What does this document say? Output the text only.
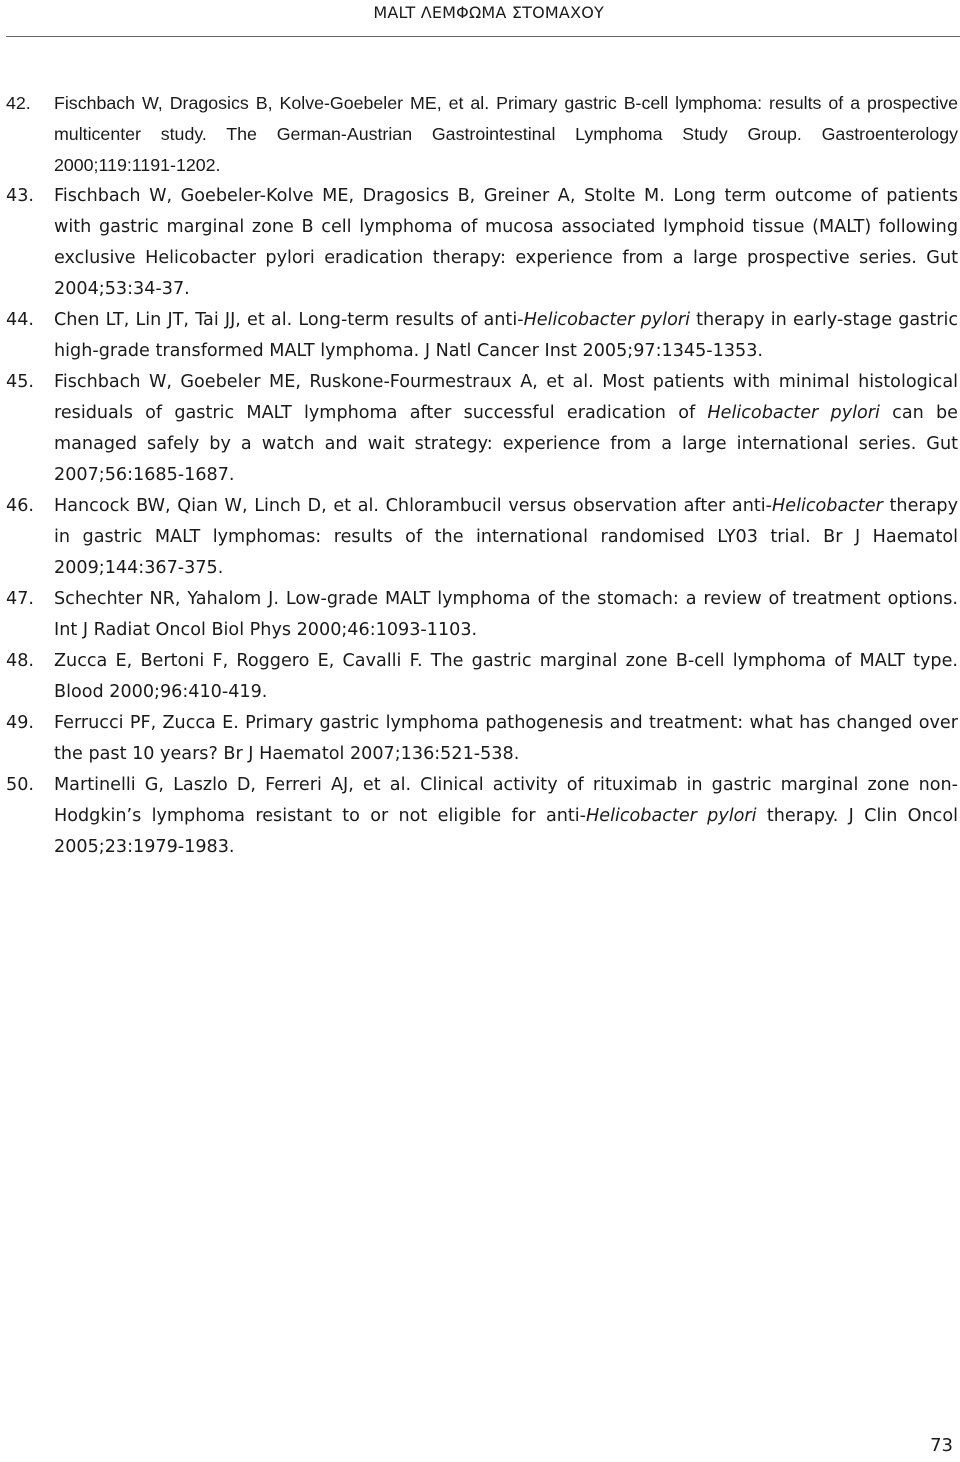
MALT ΛΕΜΦΩΜΑ ΣΤΟΜΑΧΟΥ
42. Fischbach W, Dragosics B, Kolve-Goebeler ME, et al. Primary gastric B-cell lymphoma: results of a prospective multicenter study. The German-Austrian Gastrointestinal Lymphoma Study Group. Gastroenterology 2000;119:1191-1202.
43. Fischbach W, Goebeler-Kolve ME, Dragosics B, Greiner A, Stolte M. Long term outcome of patients with gastric marginal zone B cell lymphoma of mucosa associated lymphoid tissue (MALT) following exclusive Helicobacter pylori eradication therapy: experience from a large prospective series. Gut 2004;53:34-37.
44. Chen LT, Lin JT, Tai JJ, et al. Long-term results of anti-Helicobacter pylori therapy in early-stage gastric high-grade transformed MALT lymphoma. J Natl Cancer Inst 2005;97:1345-1353.
45. Fischbach W, Goebeler ME, Ruskone-Fourmestraux A, et al. Most patients with minimal histological residuals of gastric MALT lymphoma after successful eradication of Helicobacter pylori can be managed safely by a watch and wait strategy: experience from a large international series. Gut 2007;56:1685-1687.
46. Hancock BW, Qian W, Linch D, et al. Chlorambucil versus observation after anti-Helicobacter therapy in gastric MALT lymphomas: results of the international randomised LY03 trial. Br J Haematol 2009;144:367-375.
47. Schechter NR, Yahalom J. Low-grade MALT lymphoma of the stomach: a review of treatment options. Int J Radiat Oncol Biol Phys 2000;46:1093-1103.
48. Zucca E, Bertoni F, Roggero E, Cavalli F. The gastric marginal zone B-cell lymphoma of MALT type. Blood 2000;96:410-419.
49. Ferrucci PF, Zucca E. Primary gastric lymphoma pathogenesis and treatment: what has changed over the past 10 years? Br J Haematol 2007;136:521-538.
50. Martinelli G, Laszlo D, Ferreri AJ, et al. Clinical activity of rituximab in gastric marginal zone non-Hodgkin’s lymphoma resistant to or not eligible for anti-Helicobacter pylori therapy. J Clin Oncol 2005;23:1979-1983.
73
